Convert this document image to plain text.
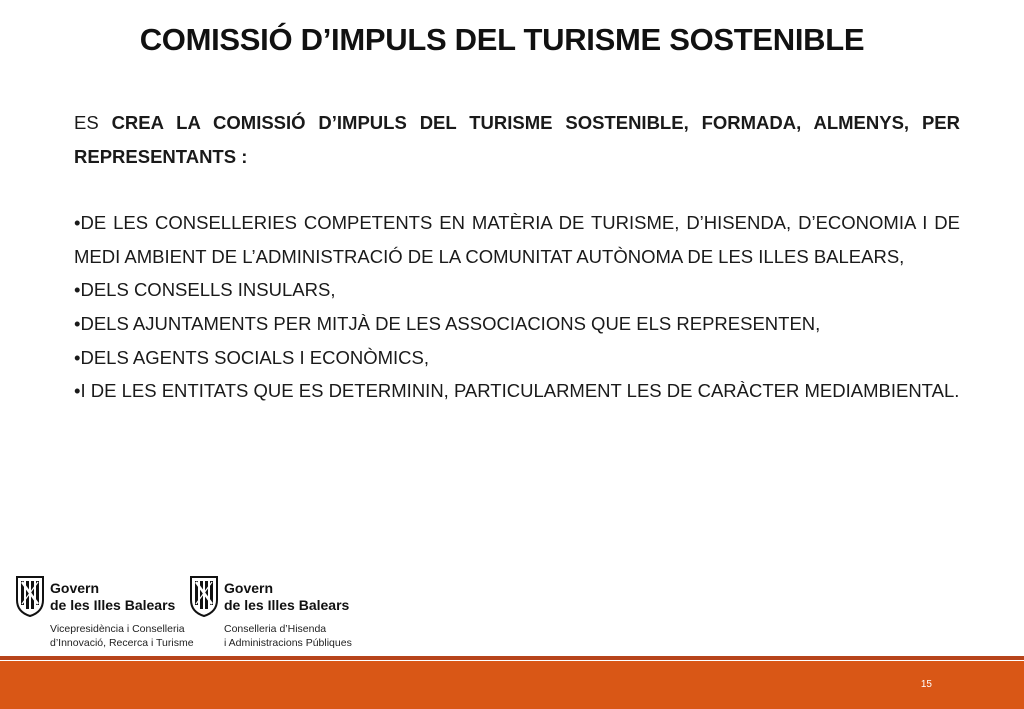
COMISSIÓ D’IMPULS DEL TURISME SOSTENIBLE

ES CREA LA COMISSIÓ D’IMPULS DEL TURISME SOSTENIBLE, FORMADA, ALMENYS, PER REPRESENTANTS :

•DE LES CONSELLERIES COMPETENTS EN MATÈRIA DE TURISME, D’HISENDA, D’ECONOMIA I DE MEDI AMBIENT DE L’ADMINISTRACIÓ DE LA COMUNITAT AUTÒNOMA DE LES ILLES BALEARS,

•DELS CONSELLS INSULARS,

•DELS AJUNTAMENTS PER MITJÀ DE LES ASSOCIACIONS QUE ELS REPRESENTEN,

•DELS AGENTS SOCIALS I ECONÒMICS,

•I DE LES ENTITATS QUE ES DETERMININ, PARTICULARMENT LES DE CARÀCTER MEDIAMBIENTAL.

Govern
de les Illes Balears
Vicepresidència i Conselleria
d’Innovació, Recerca i Turisme
Govern
de les Illes Balears
Conselleria d’Hisenda
i Administracions Públiques
15
